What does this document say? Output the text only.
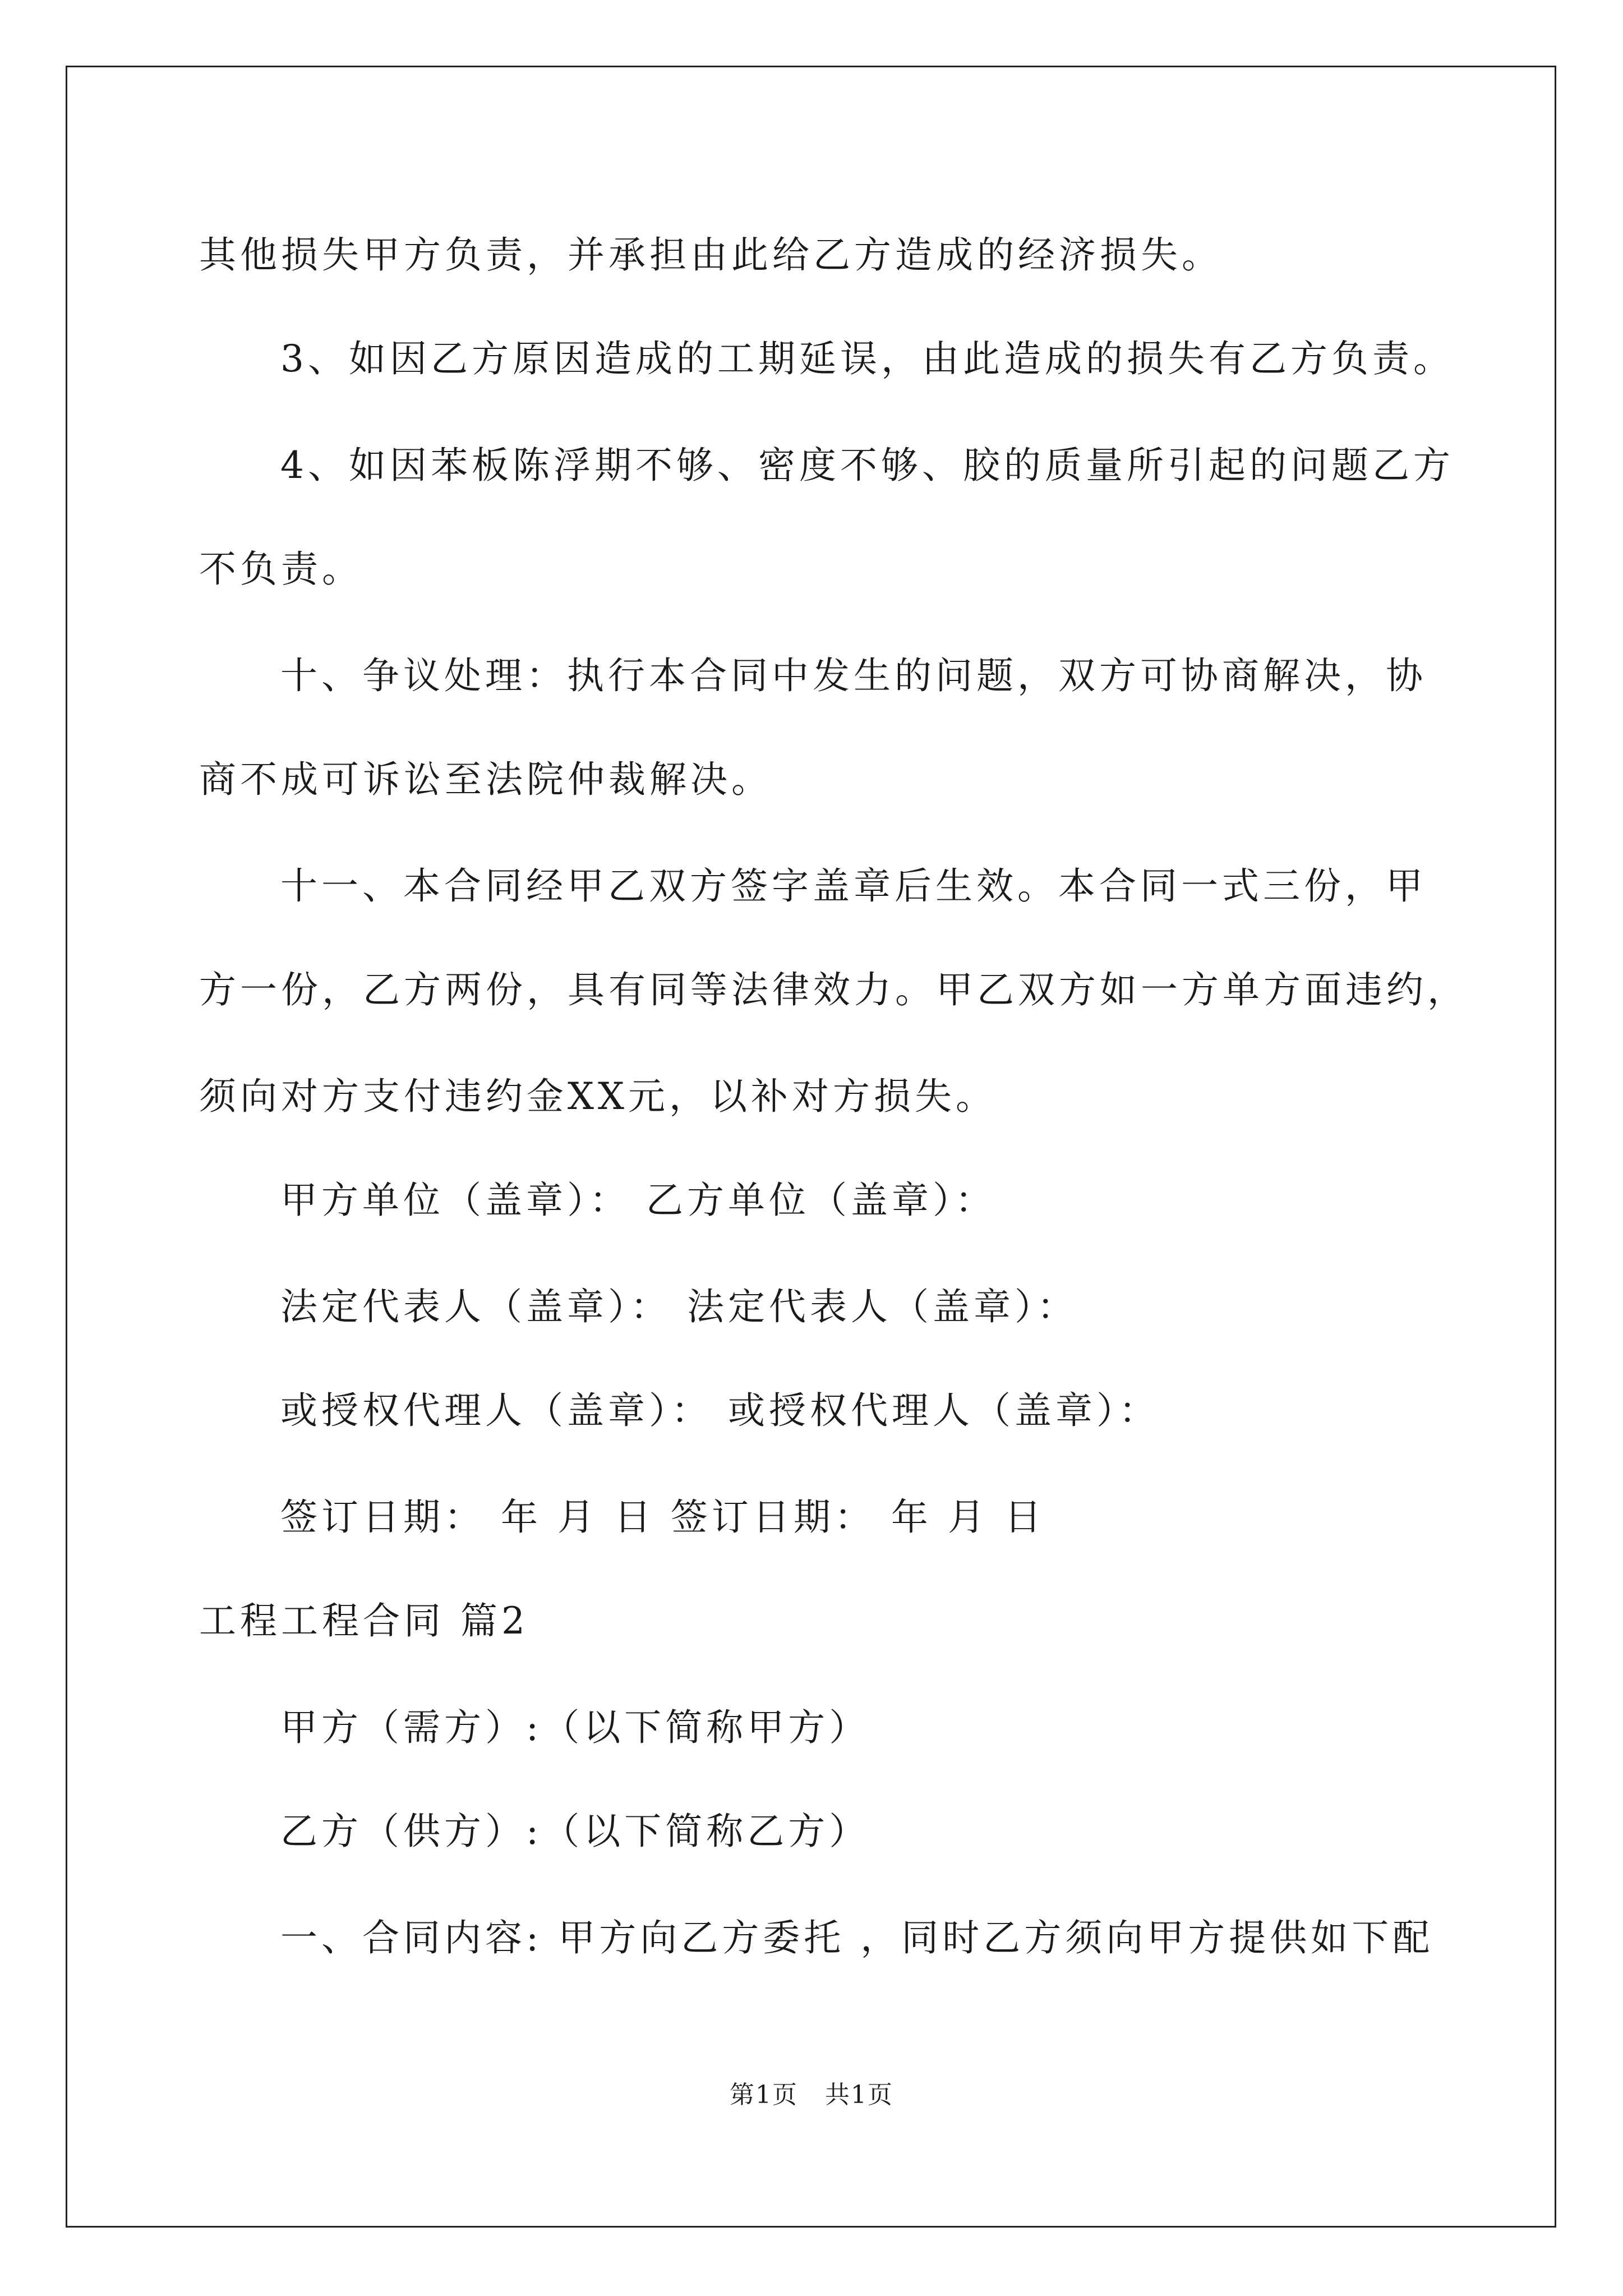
其他损失甲方负责，并承担由此给乙方造成的经济损失。
3、如因乙方原因造成的工期延误，由此造成的损失有乙方负责。
4、如因苯板陈浮期不够、密度不够、胶的质量所引起的问题乙方
不负责。
十、争议处理：执行本合同中发生的问题，双方可协商解决，协
商不成可诉讼至法院仲裁解决。
十一、本合同经甲乙双方签字盖章后生效。本合同一式三份，甲
方一份，乙方两份，具有同等法律效力。甲乙双方如一方单方面违约，
须向对方支付违约金XX元，以补对方损失。
甲方单位（盖章）： 乙方单位（盖章）：
法定代表人（盖章）： 法定代表人（盖章）：
或授权代理人（盖章）： 或授权代理人（盖章）：
签订日期： 年 月 日 签订日期： 年 月 日
工程工程合同 篇2
甲方（需方）:（以下简称甲方）
乙方（供方）:（以下简称乙方）
一、合同内容: 甲方向乙方委托 ，同时乙方须向甲方提供如下配
第1页 共1页
